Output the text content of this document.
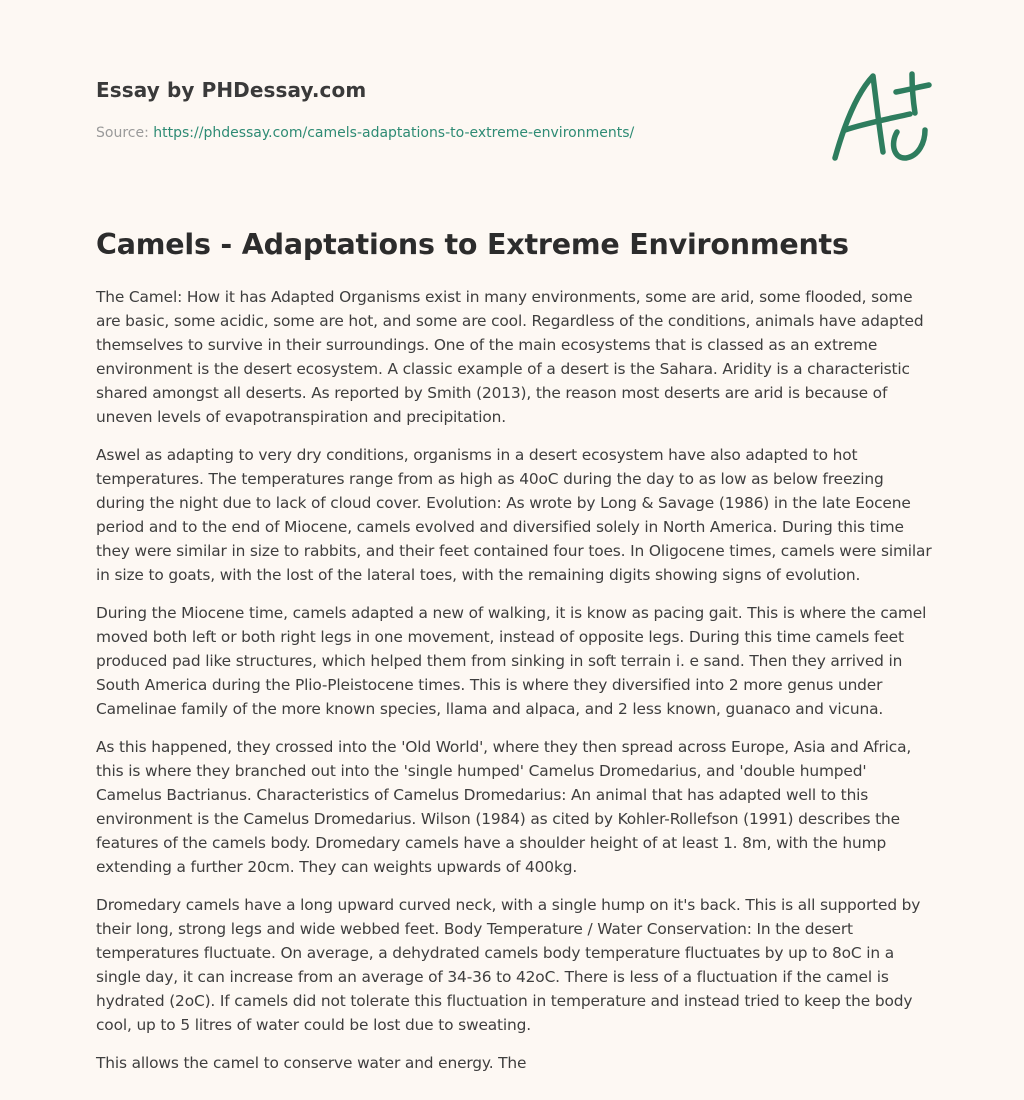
Essay by PHDessay.com
Source: https://phdessay.com/camels-adaptations-to-extreme-environments/
Camels - Adaptations to Extreme Environments

The Camel: How it has Adapted Organisms exist in many environments, some are arid, some flooded, some are basic, some acidic, some are hot, and some are cool. Regardless of the conditions, animals have adapted themselves to survive in their surroundings. One of the main ecosystems that is classed as an extreme environment is the desert ecosystem. A classic example of a desert is the Sahara. Aridity is a characteristic shared amongst all deserts. As reported by Smith (2013), the reason most deserts are arid is because of uneven levels of evapotranspiration and precipitation.

Aswel as adapting to very dry conditions, organisms in a desert ecosystem have also adapted to hot temperatures. The temperatures range from as high as 40oC during the day to as low as below freezing during the night due to lack of cloud cover. Evolution: As wrote by Long & Savage (1986) in the late Eocene period and to the end of Miocene, camels evolved and diversified solely in North America. During this time they were similar in size to rabbits, and their feet contained four toes. In Oligocene times, camels were similar in size to goats, with the lost of the lateral toes, with the remaining digits showing signs of evolution.

During the Miocene time, camels adapted a new of walking, it is know as pacing gait. This is where the camel moved both left or both right legs in one movement, instead of opposite legs. During this time camels feet produced pad like structures, which helped them from sinking in soft terrain i. e sand. Then they arrived in South America during the Plio-Pleistocene times. This is where they diversified into 2 more genus under Camelinae family of the more known species, llama and alpaca, and 2 less known, guanaco and vicuna.

As this happened, they crossed into the 'Old World', where they then spread across Europe, Asia and Africa, this is where they branched out into the 'single humped' Camelus Dromedarius, and 'double humped' Camelus Bactrianus. Characteristics of Camelus Dromedarius: An animal that has adapted well to this environment is the Camelus Dromedarius. Wilson (1984) as cited by Kohler-Rollefson (1991) describes the features of the camels body. Dromedary camels have a shoulder height of at least 1. 8m, with the hump extending a further 20cm. They can weights upwards of 400kg.

Dromedary camels have a long upward curved neck, with a single hump on it's back. This is all supported by their long, strong legs and wide webbed feet. Body Temperature / Water Conservation: In the desert temperatures fluctuate. On average, a dehydrated camels body temperature fluctuates by up to 8oC in a single day, it can increase from an average of 34-36 to 42oC. There is less of a fluctuation if the camel is hydrated (2oC). If camels did not tolerate this fluctuation in temperature and instead tried to keep the body cool, up to 5 litres of water could be lost due to sweating.

This allows the camel to conserve water and energy. The
